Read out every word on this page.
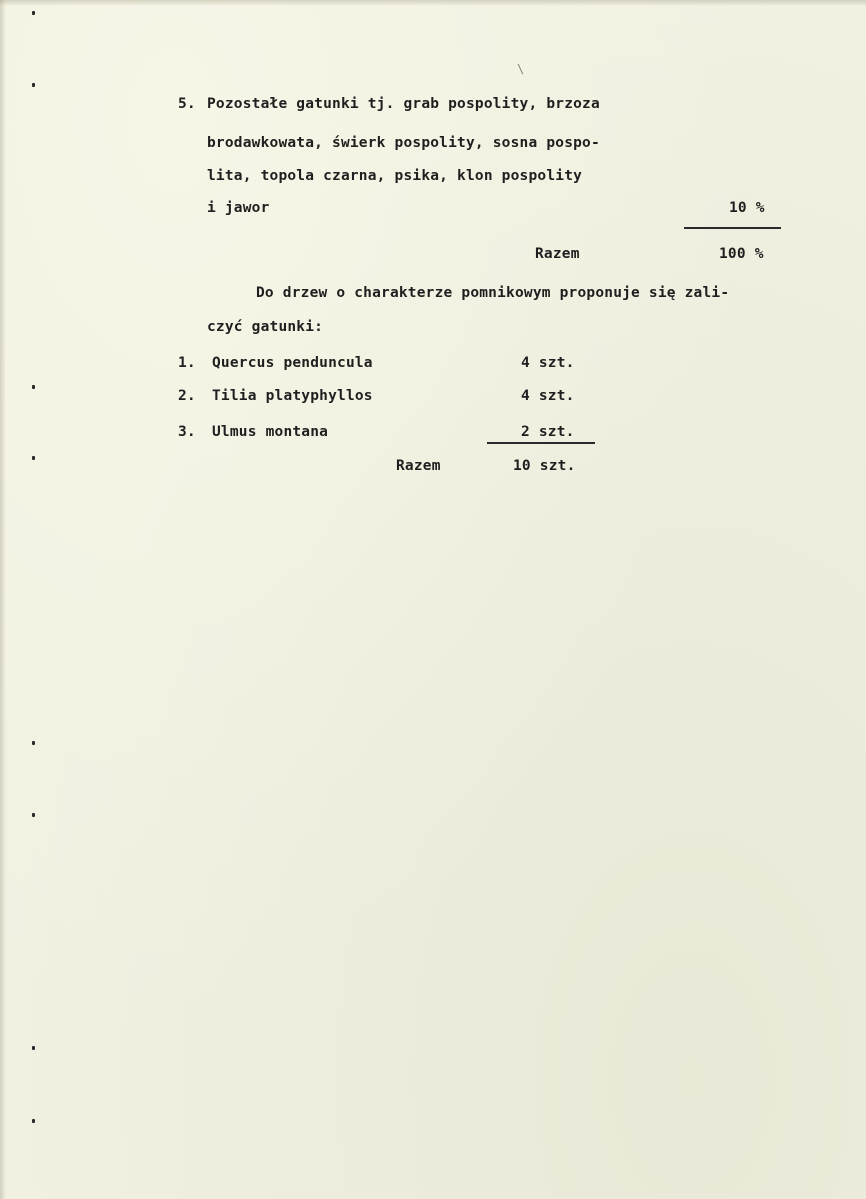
\
5. Pozostałe gatunki tj. grab pospolity, brzoza
brodawkowata, świerk pospolity, sosna pospo-
lita, topola czarna, psika, klon pospolity
i jawor	10 %
Razem	100 %
Do drzew o charakterze pomnikowym proponuje się zali-
czyć gatunki:
1. Quercus penduncula	4 szt.
2. Tilia platyphyllos	4 szt.
3. Ulmus montana	2 szt.
Razem	10 szt.
